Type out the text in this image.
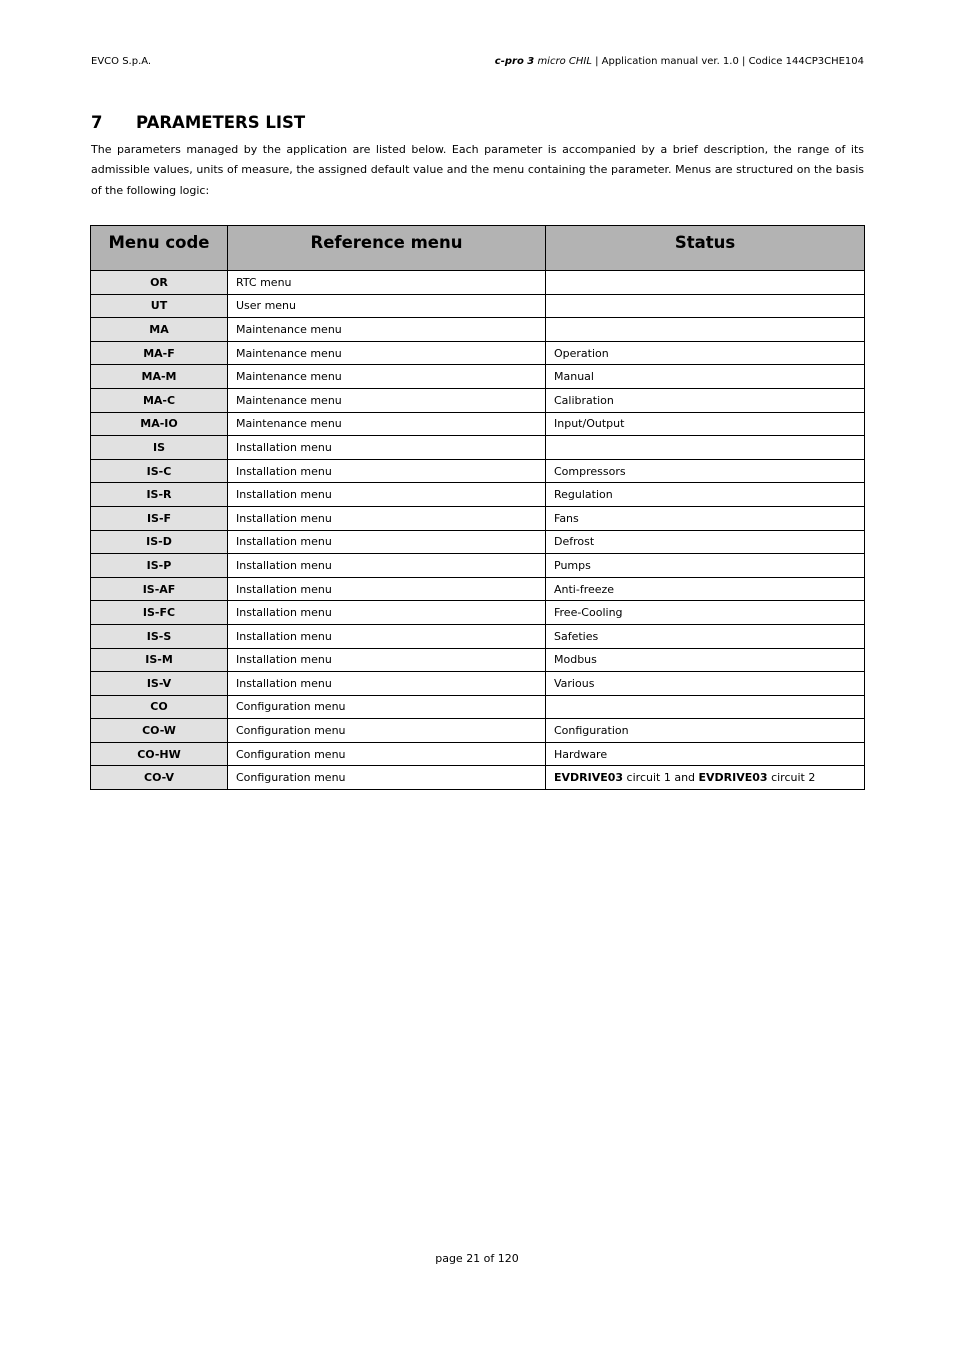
EVCO S.p.A.	c-pro 3 micro CHIL | Application manual ver. 1.0 | Codice 144CP3CHE104
7 PARAMETERS LIST
The parameters managed by the application are listed below. Each parameter is accompanied by a brief description, the range of its admissible values, units of measure, the assigned default value and the menu containing the parameter. Menus are structured on the basis of the following logic:
Menu code	Reference menu	Status
OR	RTC menu	
UT	User menu	
MA	Maintenance menu	
MA-F	Maintenance menu	Operation
MA-M	Maintenance menu	Manual
MA-C	Maintenance menu	Calibration
MA-IO	Maintenance menu	Input/Output
IS	Installation menu	
IS-C	Installation menu	Compressors
IS-R	Installation menu	Regulation
IS-F	Installation menu	Fans
IS-D	Installation menu	Defrost
IS-P	Installation menu	Pumps
IS-AF	Installation menu	Anti-freeze
IS-FC	Installation menu	Free-Cooling
IS-S	Installation menu	Safeties
IS-M	Installation menu	Modbus
IS-V	Installation menu	Various
CO	Configuration menu	
CO-W	Configuration menu	Configuration
CO-HW	Configuration menu	Hardware
CO-V	Configuration menu	EVDRIVE03 circuit 1 and EVDRIVE03 circuit 2
page 21 of 120
